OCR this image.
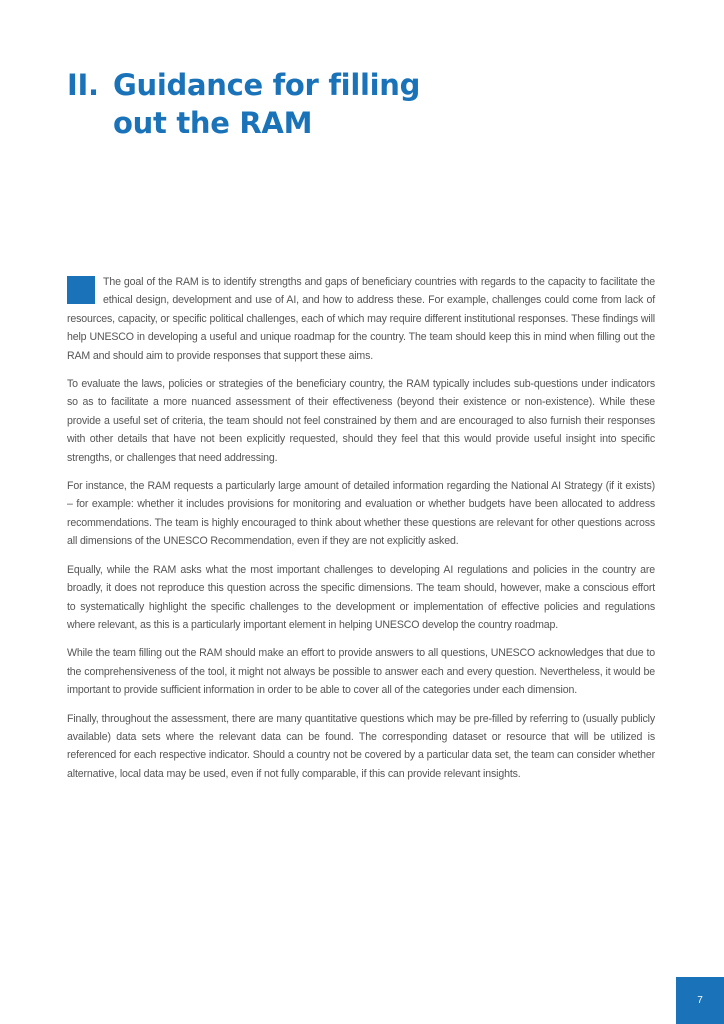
II. Guidance for filling
out the RAM

The goal of the RAM is to identify strengths and gaps of beneficiary countries with regards to the capacity to facilitate the ethical design, development and use of AI, and how to address these. For example, challenges could come from lack of resources, capacity, or specific political challenges, each of which may require different institutional responses. These findings will help UNESCO in developing a useful and unique roadmap for the country. The team should keep this in mind when filling out the RAM and should aim to provide responses that support these aims.

To evaluate the laws, policies or strategies of the beneficiary country, the RAM typically includes sub-questions under indicators so as to facilitate a more nuanced assessment of their effectiveness (beyond their existence or non-existence). While these provide a useful set of criteria, the team should not feel constrained by them and are encouraged to also furnish their responses with other details that have not been explicitly requested, should they feel that this would provide useful insight into specific strengths, or challenges that need addressing.

For instance, the RAM requests a particularly large amount of detailed information regarding the National AI Strategy (if it exists) – for example: whether it includes provisions for monitoring and evaluation or whether budgets have been allocated to address recommendations. The team is highly encouraged to think about whether these questions are relevant for other questions across all dimensions of the UNESCO Recommendation, even if they are not explicitly asked.

Equally, while the RAM asks what the most important challenges to developing AI regulations and policies in the country are broadly, it does not reproduce this question across the specific dimensions. The team should, however, make a conscious effort to systematically highlight the specific challenges to the development or implementation of effective policies and regulations where relevant, as this is a particularly important element in helping UNESCO develop the country roadmap.

While the team filling out the RAM should make an effort to provide answers to all questions, UNESCO acknowledges that due to the comprehensiveness of the tool, it might not always be possible to answer each and every question. Nevertheless, it would be important to provide sufficient information in order to be able to cover all of the categories under each dimension.

Finally, throughout the assessment, there are many quantitative questions which may be pre-filled by referring to (usually publicly available) data sets where the relevant data can be found. The corresponding dataset or resource that will be utilized is referenced for each respective indicator. Should a country not be covered by a particular data set, the team can consider whether alternative, local data may be used, even if not fully comparable, if this can provide relevant insights.

7
